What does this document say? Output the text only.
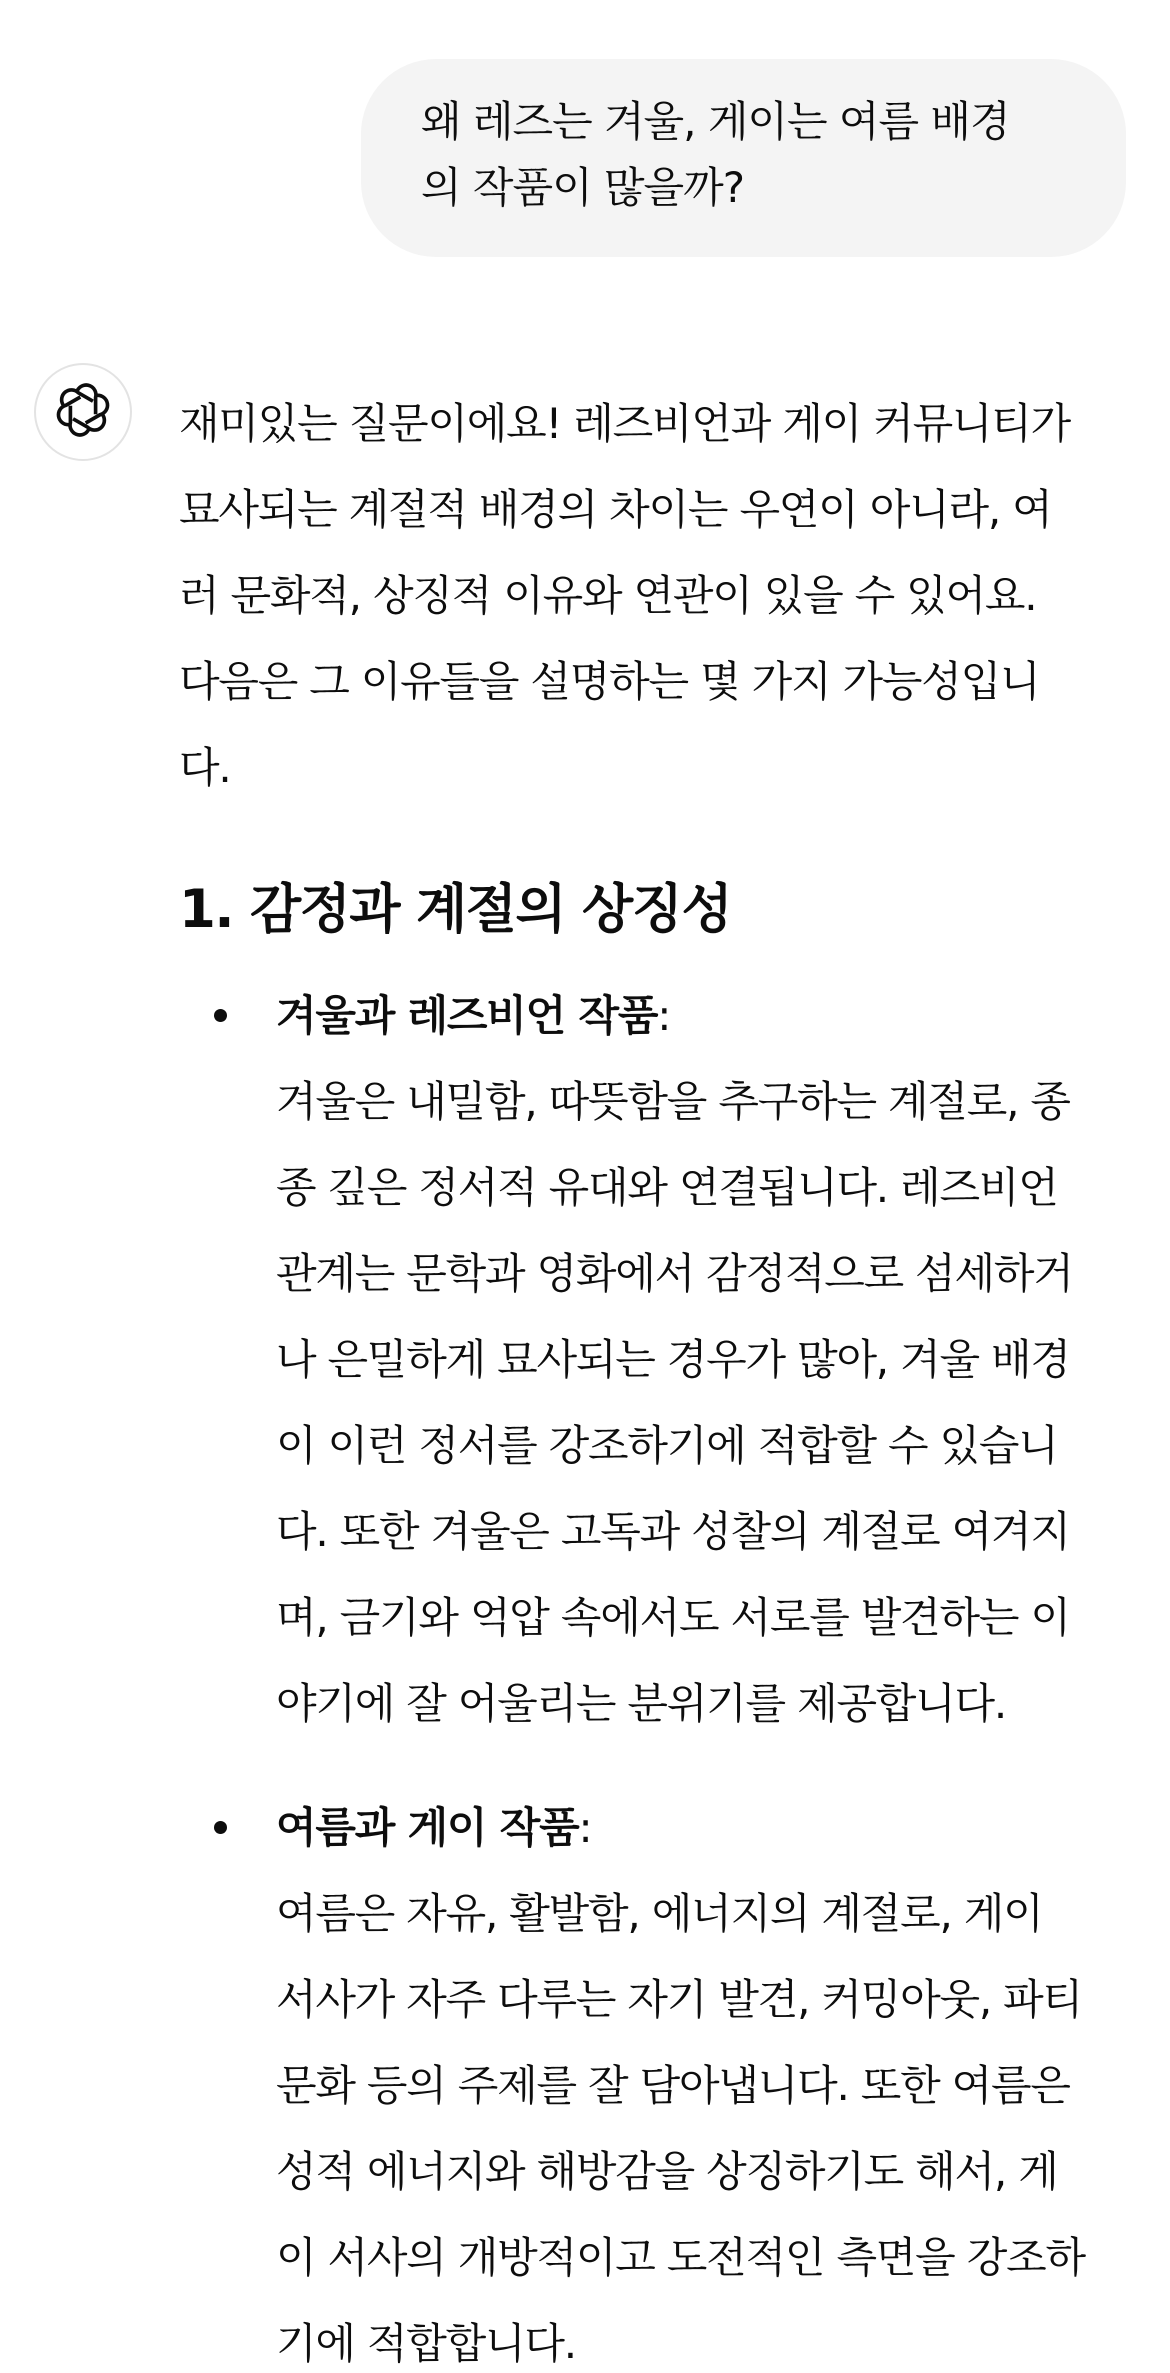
왜 레즈는 겨울, 게이는 여름 배경
의 작품이 많을까?

재미있는 질문이에요! 레즈비언과 게이 커뮤니티가
묘사되는 계절적 배경의 차이는 우연이 아니라, 여
러 문화적, 상징적 이유와 연관이 있을 수 있어요.
다음은 그 이유들을 설명하는 몇 가지 가능성입니
다.

1. 감정과 계절의 상징성
겨울과 레즈비언 작품:
겨울은 내밀함, 따뜻함을 추구하는 계절로, 종
종 깊은 정서적 유대와 연결됩니다. 레즈비언
관계는 문학과 영화에서 감정적으로 섬세하거
나 은밀하게 묘사되는 경우가 많아, 겨울 배경
이 이런 정서를 강조하기에 적합할 수 있습니
다. 또한 겨울은 고독과 성찰의 계절로 여겨지
며, 금기와 억압 속에서도 서로를 발견하는 이
야기에 잘 어울리는 분위기를 제공합니다.
여름과 게이 작품:
여름은 자유, 활발함, 에너지의 계절로, 게이
서사가 자주 다루는 자기 발견, 커밍아웃, 파티
문화 등의 주제를 잘 담아냅니다. 또한 여름은
성적 에너지와 해방감을 상징하기도 해서, 게
이 서사의 개방적이고 도전적인 측면을 강조하
기에 적합합니다.
